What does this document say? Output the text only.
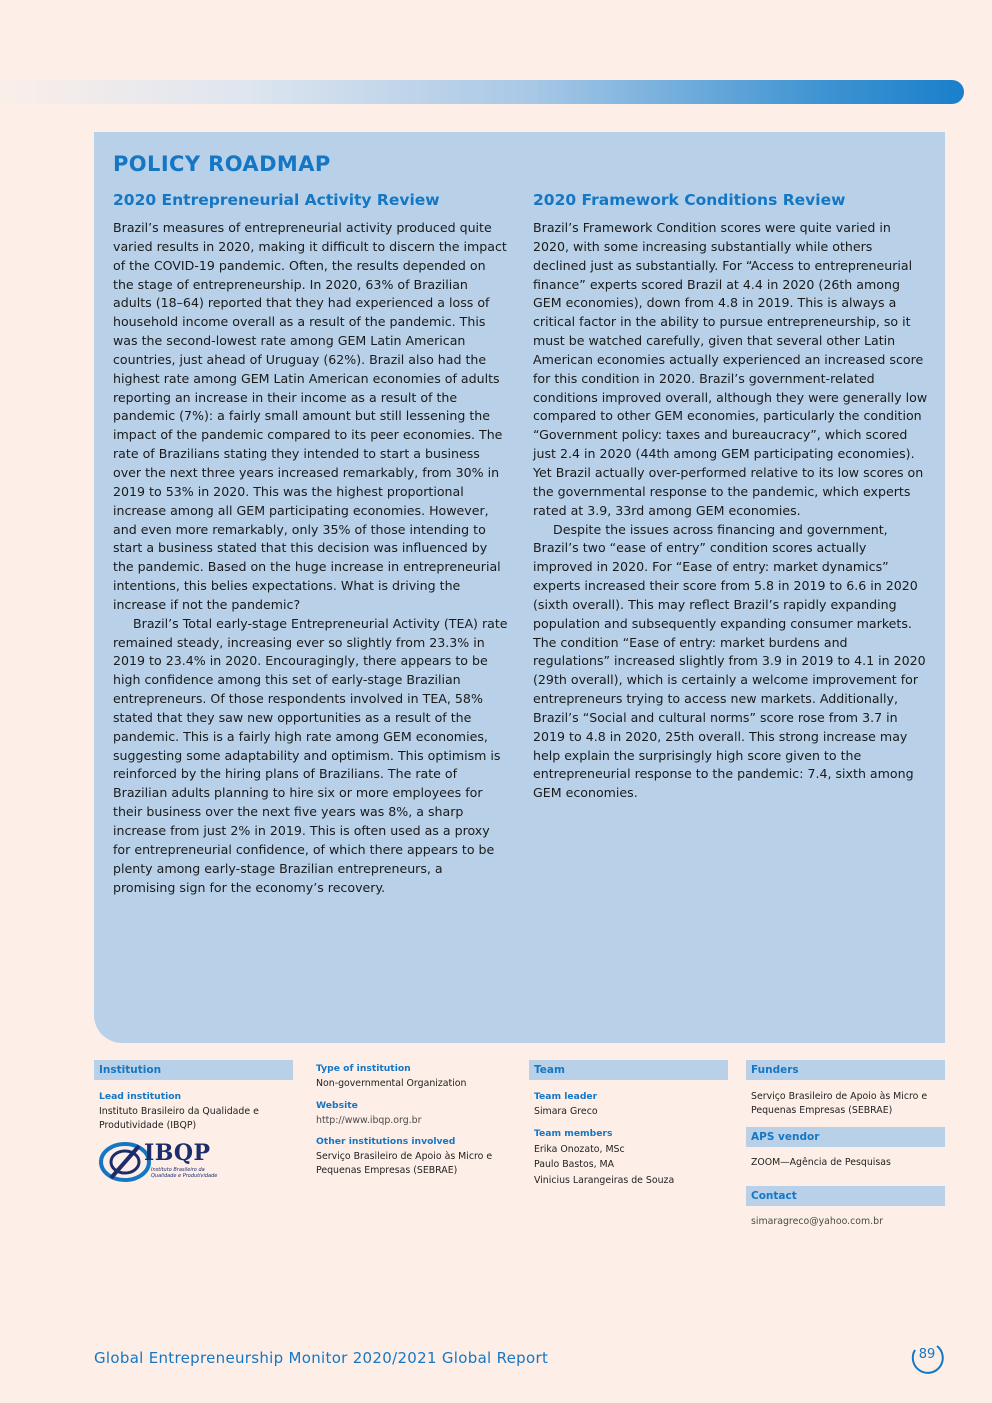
POLICY ROADMAP
2020 Entrepreneurial Activity Review

Brazil’s measures of entrepreneurial activity produced quite varied results in 2020, making it difficult to discern the impact of the COVID-19 pandemic. Often, the results depended on the stage of entrepreneurship. In 2020, 63% of Brazilian adults (18–64) reported that they had experienced a loss of household income overall as a result of the pandemic. This was the second-lowest rate among GEM Latin American countries, just ahead of Uruguay (62%). Brazil also had the highest rate among GEM Latin American economies of adults reporting an increase in their income as a result of the pandemic (7%): a fairly small amount but still lessening the impact of the pandemic compared to its peer economies. The rate of Brazilians stating they intended to start a business over the next three years increased remarkably, from 30% in 2019 to 53% in 2020. This was the highest proportional increase among all GEM participating economies. However, and even more remarkably, only 35% of those intending to start a business stated that this decision was influenced by the pandemic. Based on the huge increase in entrepreneurial intentions, this belies expectations. What is driving the increase if not the pandemic?

Brazil’s Total early-stage Entrepreneurial Activity (TEA) rate remained steady, increasing ever so slightly from 23.3% in 2019 to 23.4% in 2020. Encouragingly, there appears to be high confidence among this set of early-stage Brazilian entrepreneurs. Of those respondents involved in TEA, 58% stated that they saw new opportunities as a result of the pandemic. This is a fairly high rate among GEM economies, suggesting some adaptability and optimism. This optimism is reinforced by the hiring plans of Brazilians. The rate of Brazilian adults planning to hire six or more employees for their business over the next five years was 8%, a sharp increase from just 2% in 2019. This is often used as a proxy for entrepreneurial confidence, of which there appears to be plenty among early-stage Brazilian entrepreneurs, a promising sign for the economy’s recovery.

2020 Framework Conditions Review

Brazil’s Framework Condition scores were quite varied in 2020, with some increasing substantially while others declined just as substantially. For “Access to entrepreneurial finance” experts scored Brazil at 4.4 in 2020 (26th among GEM economies), down from 4.8 in 2019. This is always a critical factor in the ability to pursue entrepreneurship, so it must be watched carefully, given that several other Latin American economies actually experienced an increased score for this condition in 2020. Brazil’s government-related conditions improved overall, although they were generally low compared to other GEM economies, particularly the condition “Government policy: taxes and bureaucracy”, which scored just 2.4 in 2020 (44th among GEM participating economies). Yet Brazil actually over-performed relative to its low scores on the governmental response to the pandemic, which experts rated at 3.9, 33rd among GEM economies.

Despite the issues across financing and government, Brazil’s two “ease of entry” condition scores actually improved in 2020. For “Ease of entry: market dynamics” experts increased their score from 5.8 in 2019 to 6.6 in 2020 (sixth overall). This may reflect Brazil’s rapidly expanding population and subsequently expanding consumer markets. The condition “Ease of entry: market burdens and regulations” increased slightly from 3.9 in 2019 to 4.1 in 2020 (29th overall), which is certainly a welcome improvement for entrepreneurs trying to access new markets. Additionally, Brazil’s “Social and cultural norms” score rose from 3.7 in 2019 to 4.8 in 2020, 25th overall. This strong increase may help explain the surprisingly high score given to the entrepreneurial response to the pandemic: 7.4, sixth among GEM economies.

Institution
Lead institution
Instituto Brasileiro da Qualidade e Produtividade (IBQP)
IBQP
Instituto Brasileiro da Qualidade e Produtividade
Type of institution
Non-governmental Organization
Website
http://www.ibqp.org.br
Other institutions involved
Serviço Brasileiro de Apoio às Micro e Pequenas Empresas (SEBRAE)
Team
Team leader
Simara Greco
Team members
Erika Onozato, MSc
Paulo Bastos, MA
Vinicius Larangeiras de Souza
Funders
Serviço Brasileiro de Apoio às Micro e Pequenas Empresas (SEBRAE)
APS vendor
ZOOM—Agência de Pesquisas
Contact
simaragreco@yahoo.com.br
Global Entrepreneurship Monitor 2020/2021 Global Report	89
